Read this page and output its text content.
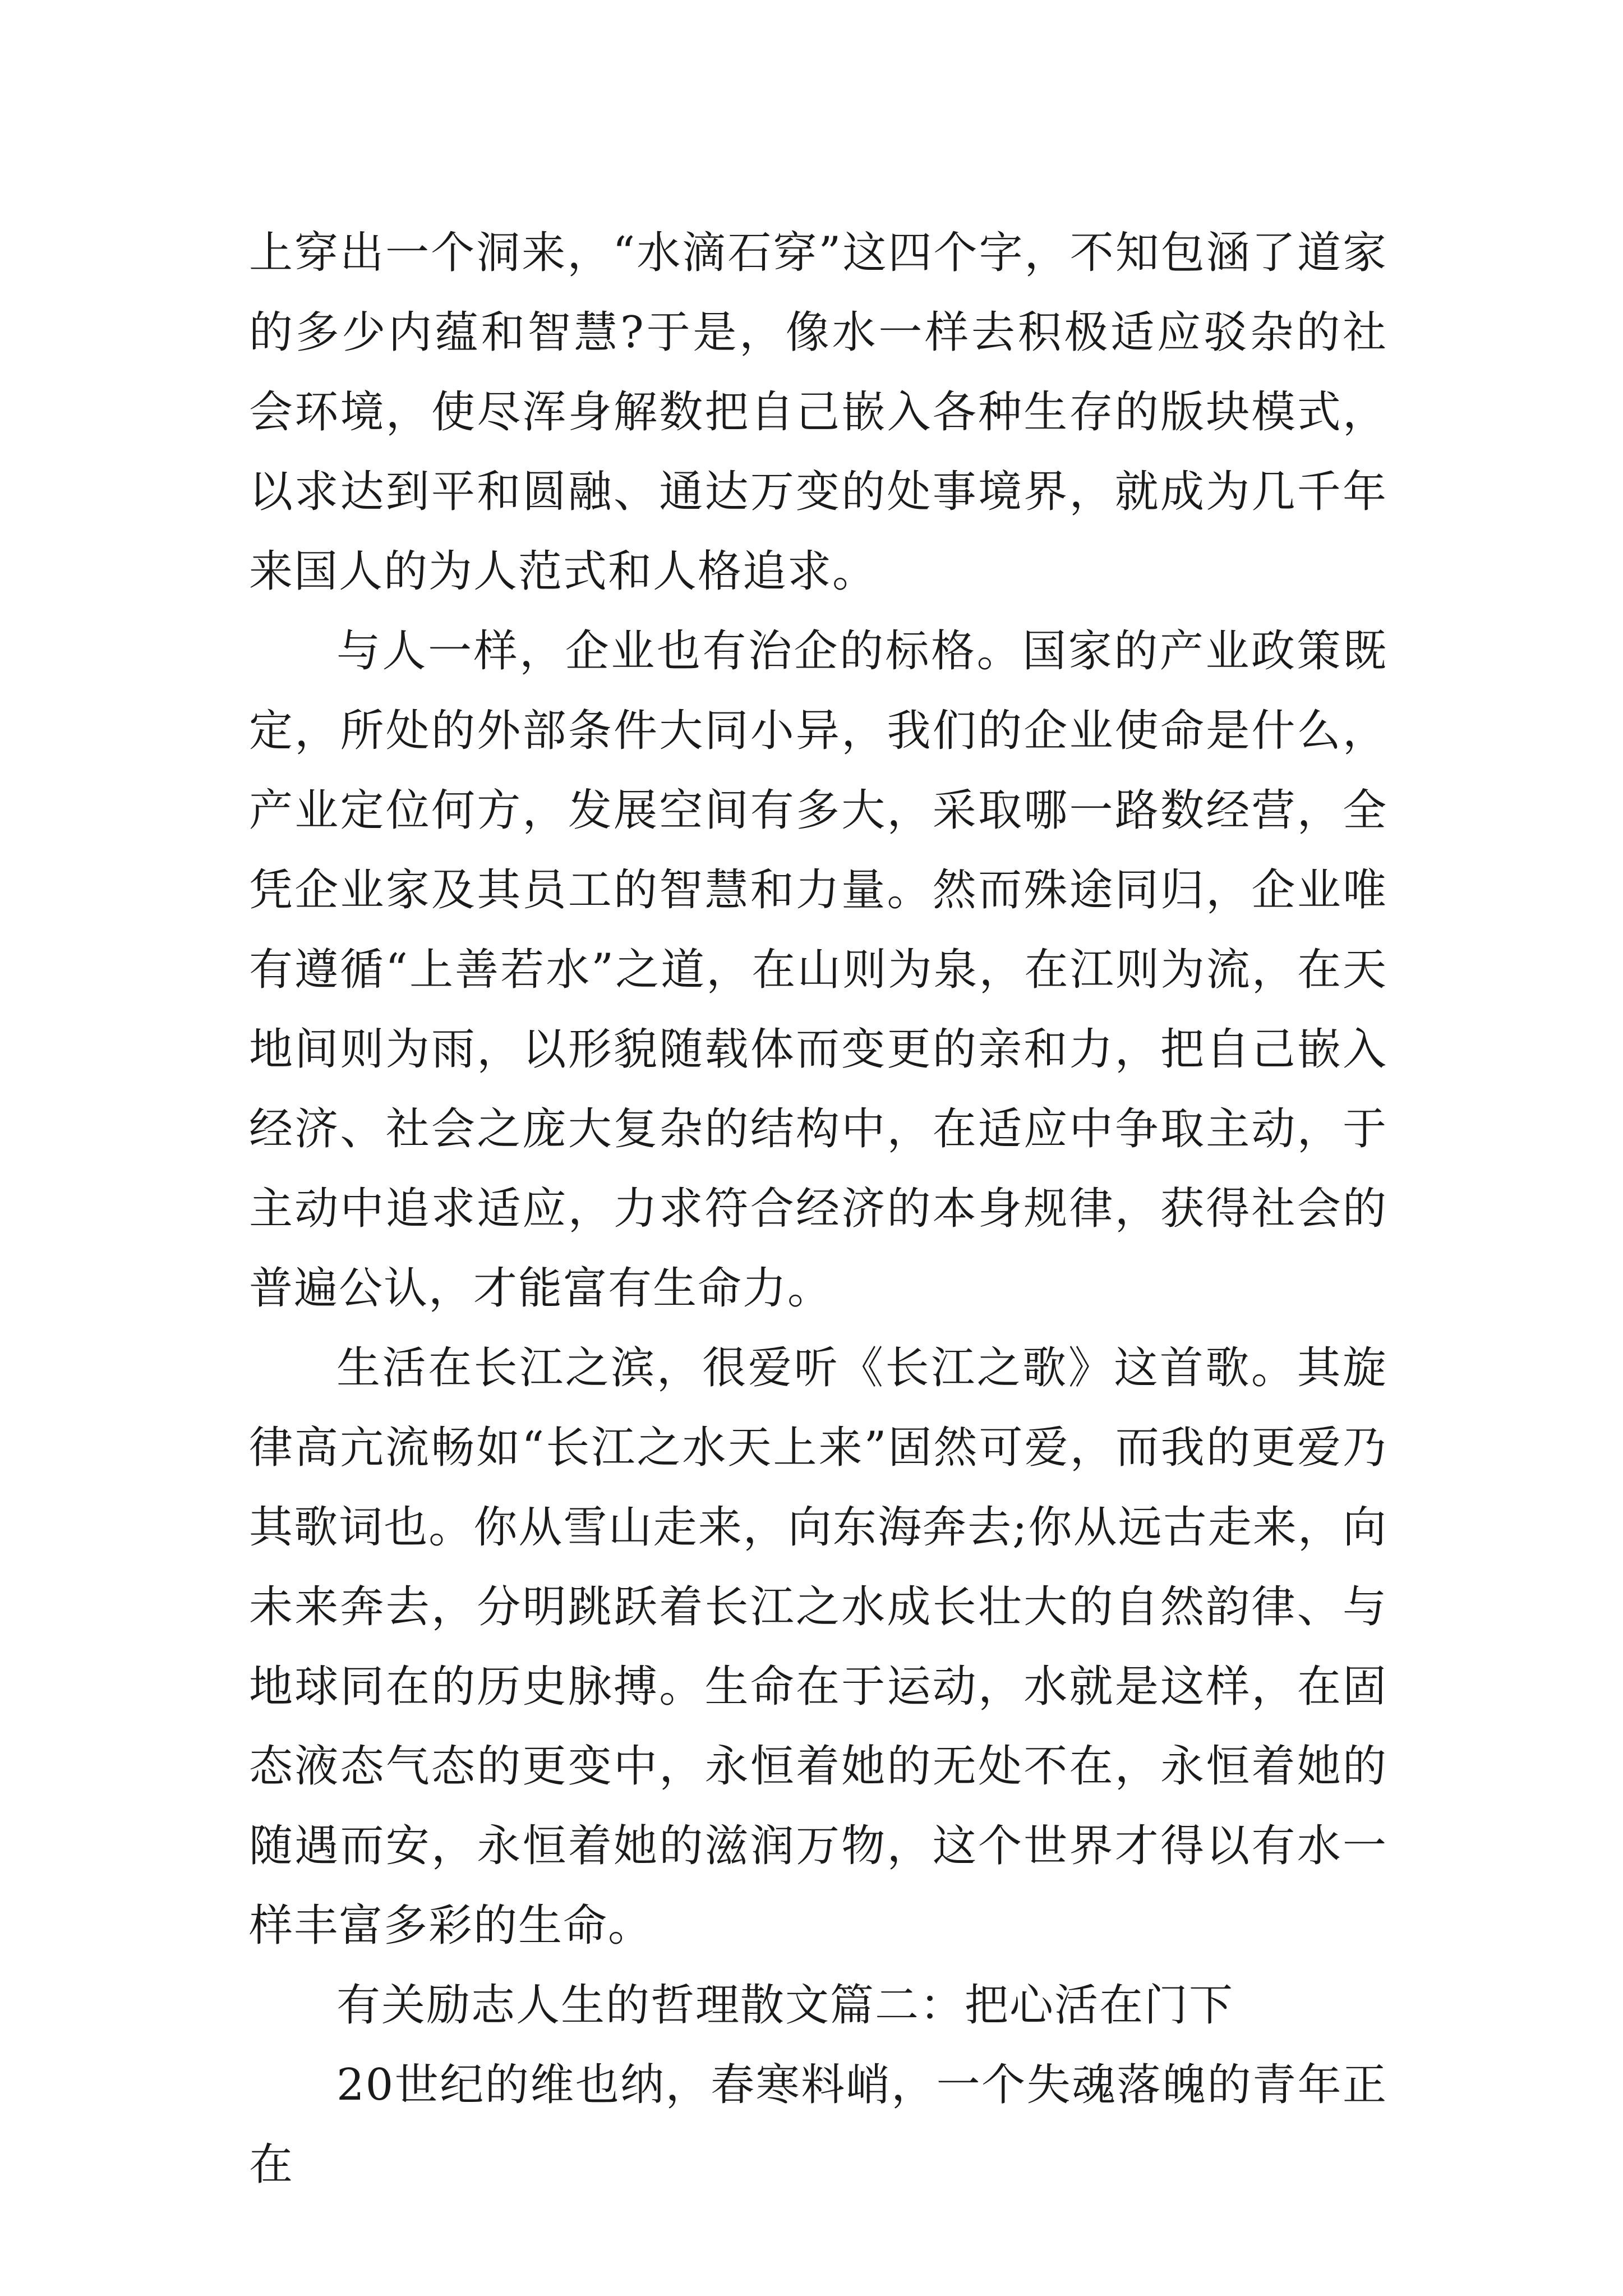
上穿出一个洞来，“水滴石穿”这四个字，不知包涵了道家的多少内蕴和智慧?于是，像水一样去积极适应驳杂的社会环境，使尽浑身解数把自己嵌入各种生存的版块模式，以求达到平和圆融、通达万变的处事境界，就成为几千年来国人的为人范式和人格追求。

与人一样，企业也有治企的标格。国家的产业政策既定，所处的外部条件大同小异，我们的企业使命是什么，产业定位何方，发展空间有多大，采取哪一路数经营，全凭企业家及其员工的智慧和力量。然而殊途同归，企业唯有遵循“上善若水”之道，在山则为泉，在江则为流，在天地间则为雨，以形貌随载体而变更的亲和力，把自己嵌入经济、社会之庞大复杂的结构中，在适应中争取主动，于主动中追求适应，力求符合经济的本身规律，获得社会的普遍公认，才能富有生命力。

生活在长江之滨，很爱听《长江之歌》这首歌。其旋律高亢流畅如“长江之水天上来”固然可爱，而我的更爱乃其歌词也。你从雪山走来，向东海奔去;你从远古走来，向未来奔去，分明跳跃着长江之水成长壮大的自然韵律、与地球同在的历史脉搏。生命在于运动，水就是这样，在固态液态气态的更变中，永恒着她的无处不在，永恒着她的随遇而安，永恒着她的滋润万物，这个世界才得以有水一样丰富多彩的生命。

有关励志人生的哲理散文篇二：把心活在门下

20世纪的维也纳，春寒料峭，一个失魂落魄的青年正在
